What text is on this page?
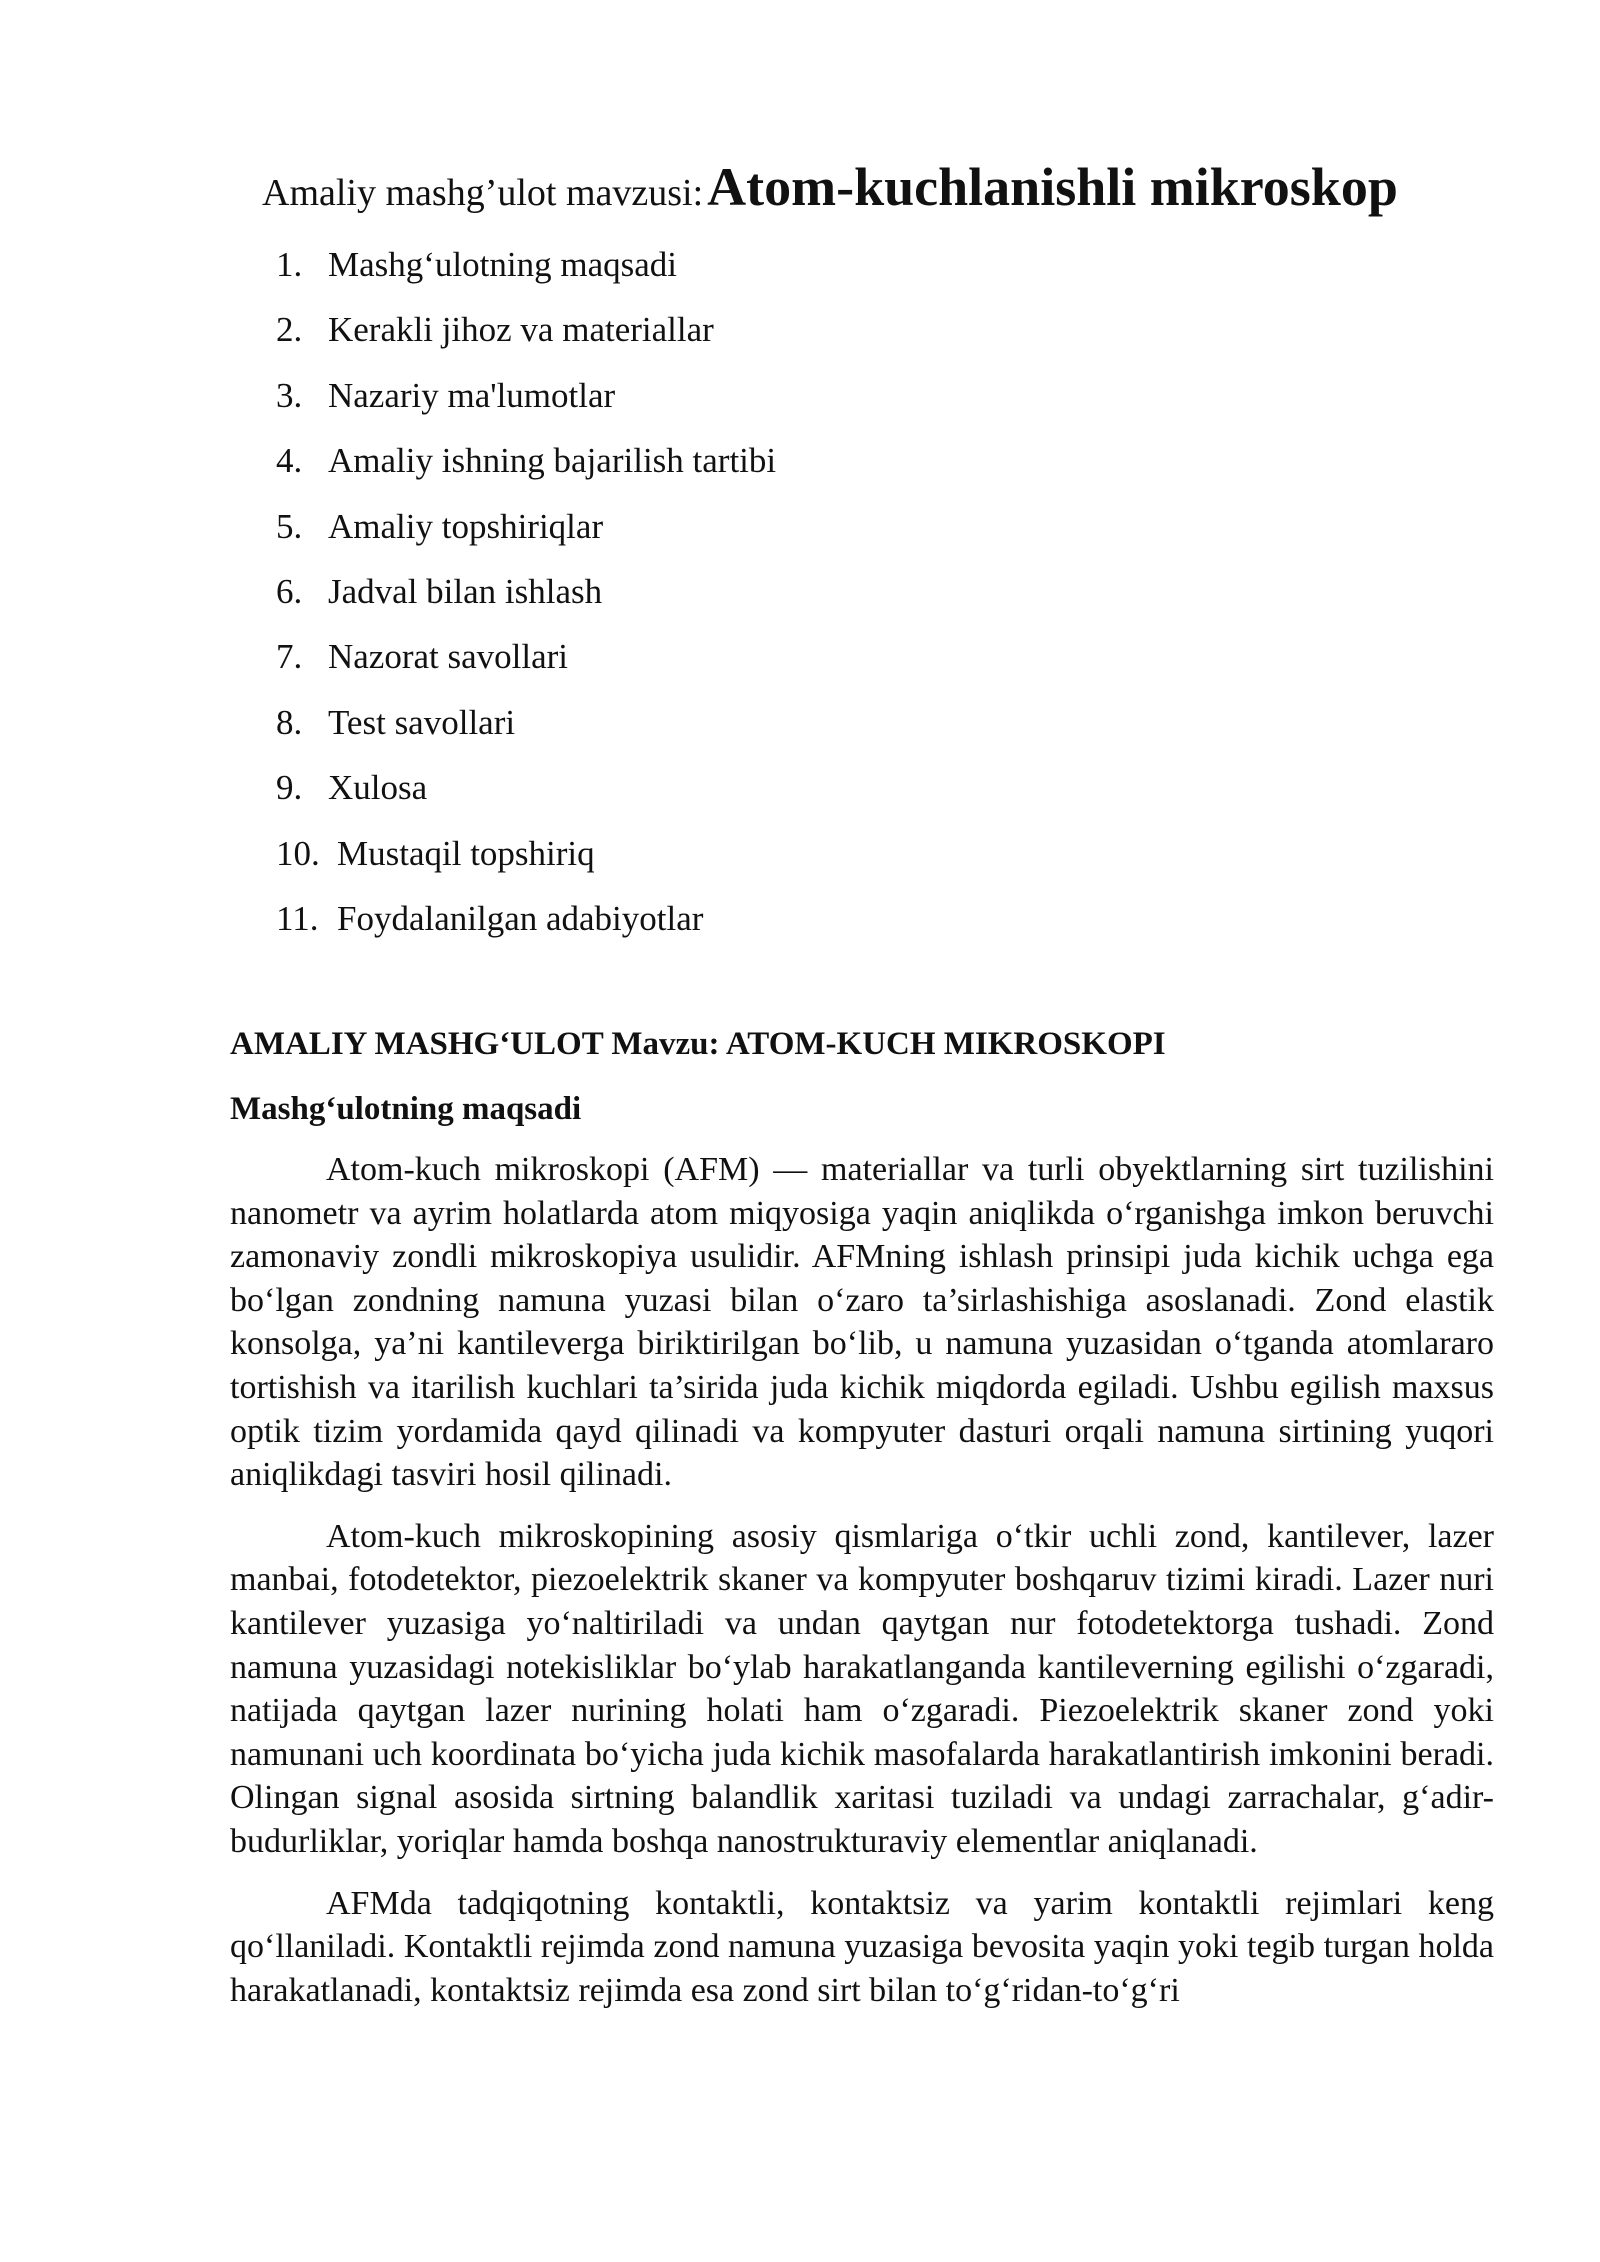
Amaliy mashg’ulot mavzusi: Atom-kuchlanishli mikroskop
1. Mashg‘ulotning maqsadi
2. Kerakli jihoz va materiallar
3. Nazariy ma'lumotlar
4. Amaliy ishning bajarilish tartibi
5. Amaliy topshiriqlar
6. Jadval bilan ishlash
7. Nazorat savollari
8. Test savollari
9. Xulosa
10. Mustaqil topshiriq
11. Foydalanilgan adabiyotlar
AMALIY MASHG‘ULOT Mavzu: ATOM-KUCH MIKROSKOPI
Mashg‘ulotning maqsadi

Atom-kuch mikroskopi (AFM) — materiallar va turli obyektlarning sirt tuzilishini nanometr va ayrim holatlarda atom miqyosiga yaqin aniqlikda o‘rganishga imkon beruvchi zamonaviy zondli mikroskopiya usulidir. AFMning ishlash prinsipi juda kichik uchga ega bo‘lgan zondning namuna yuzasi bilan o‘zaro ta’sirlashishiga asoslanadi. Zond elastik konsolga, ya’ni kantileverga biriktirilgan bo‘lib, u namuna yuzasidan o‘tganda atomlararo tortishish va itarilish kuchlari ta’sirida juda kichik miqdorda egiladi. Ushbu egilish maxsus optik tizim yordamida qayd qilinadi va kompyuter dasturi orqali namuna sirtining yuqori aniqlikdagi tasviri hosil qilinadi.

Atom-kuch mikroskopining asosiy qismlariga o‘tkir uchli zond, kantilever, lazer manbai, fotodetektor, piezoelektrik skaner va kompyuter boshqaruv tizimi kiradi. Lazer nuri kantilever yuzasiga yo‘naltiriladi va undan qaytgan nur fotodetektorga tushadi. Zond namuna yuzasidagi notekisliklar bo‘ylab harakatlanganda kantileverning egilishi o‘zgaradi, natijada qaytgan lazer nurining holati ham o‘zgaradi. Piezoelektrik skaner zond yoki namunani uch koordinata bo‘yicha juda kichik masofalarda harakatlantirish imkonini beradi. Olingan signal asosida sirtning balandlik xaritasi tuziladi va undagi zarrachalar, g‘adir-budurliklar, yoriqlar hamda boshqa nanostrukturaviy elementlar aniqlanadi.

AFMda tadqiqotning kontaktli, kontaktsiz va yarim kontaktli rejimlari keng qo‘llaniladi. Kontaktli rejimda zond namuna yuzasiga bevosita yaqin yoki tegib turgan holda harakatlanadi, kontaktsiz rejimda esa zond sirt bilan to‘g‘ridan-to‘g‘ri
